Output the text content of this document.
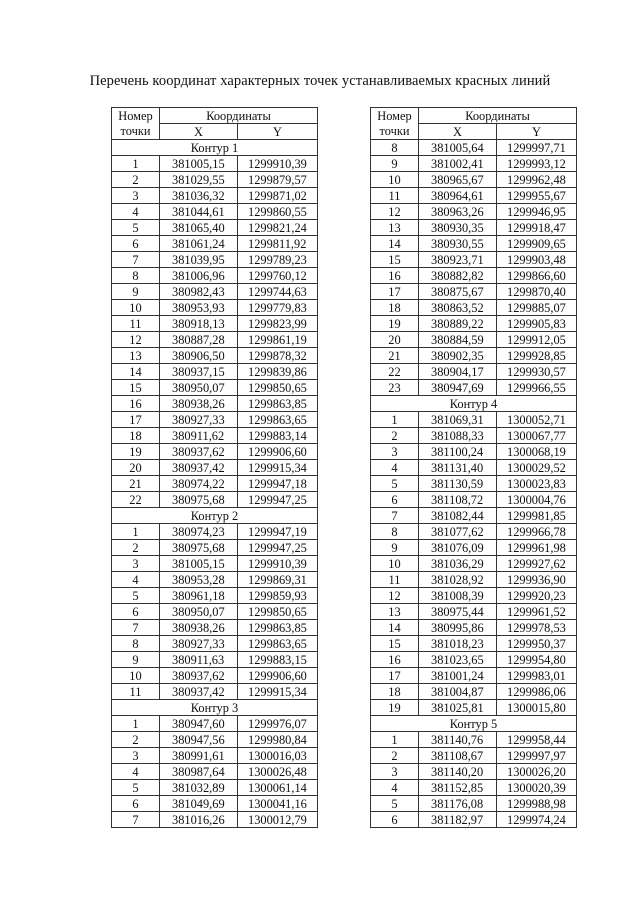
Перечень координат характерных точек устанавливаемых красных линий
Номер
точки	Координаты	
	X	Y
Контур 1		
1	381005,15	1299910,39
2	381029,55	1299879,57
3	381036,32	1299871,02
4	381044,61	1299860,55
5	381065,40	1299821,24
6	381061,24	1299811,92
7	381039,95	1299789,23
8	381006,96	1299760,12
9	380982,43	1299744,63
10	380953,93	1299779,83
11	380918,13	1299823,99
12	380887,28	1299861,19
13	380906,50	1299878,32
14	380937,15	1299839,86
15	380950,07	1299850,65
16	380938,26	1299863,85
17	380927,33	1299863,65
18	380911,62	1299883,14
19	380937,62	1299906,60
20	380937,42	1299915,34
21	380974,22	1299947,18
22	380975,68	1299947,25
Контур 2		
1	380974,23	1299947,19
2	380975,68	1299947,25
3	381005,15	1299910,39
4	380953,28	1299869,31
5	380961,18	1299859,93
6	380950,07	1299850,65
7	380938,26	1299863,85
8	380927,33	1299863,65
9	380911,63	1299883,15
10	380937,62	1299906,60
11	380937,42	1299915,34
Контур 3		
1	380947,60	1299976,07
2	380947,56	1299980,84
3	380991,61	1300016,03
4	380987,64	1300026,48
5	381032,89	1300061,14
6	381049,69	1300041,16
7	381016,26	1300012,79
Номер
точки	Координаты	
	X	Y
8	381005,64	1299997,71
9	381002,41	1299993,12
10	380965,67	1299962,48
11	380964,61	1299955,67
12	380963,26	1299946,95
13	380930,35	1299918,47
14	380930,55	1299909,65
15	380923,71	1299903,48
16	380882,82	1299866,60
17	380875,67	1299870,40
18	380863,52	1299885,07
19	380889,22	1299905,83
20	380884,59	1299912,05
21	380902,35	1299928,85
22	380904,17	1299930,57
23	380947,69	1299966,55
Контур 4		
1	381069,31	1300052,71
2	381088,33	1300067,77
3	381100,24	1300068,19
4	381131,40	1300029,52
5	381130,59	1300023,83
6	381108,72	1300004,76
7	381082,44	1299981,85
8	381077,62	1299966,78
9	381076,09	1299961,98
10	381036,29	1299927,62
11	381028,92	1299936,90
12	381008,39	1299920,23
13	380975,44	1299961,52
14	380995,86	1299978,53
15	381018,23	1299950,37
16	381023,65	1299954,80
17	381001,24	1299983,01
18	381004,87	1299986,06
19	381025,81	1300015,80
Контур 5		
1	381140,76	1299958,44
2	381108,67	1299997,97
3	381140,20	1300026,20
4	381152,85	1300020,39
5	381176,08	1299988,98
6	381182,97	1299974,24
